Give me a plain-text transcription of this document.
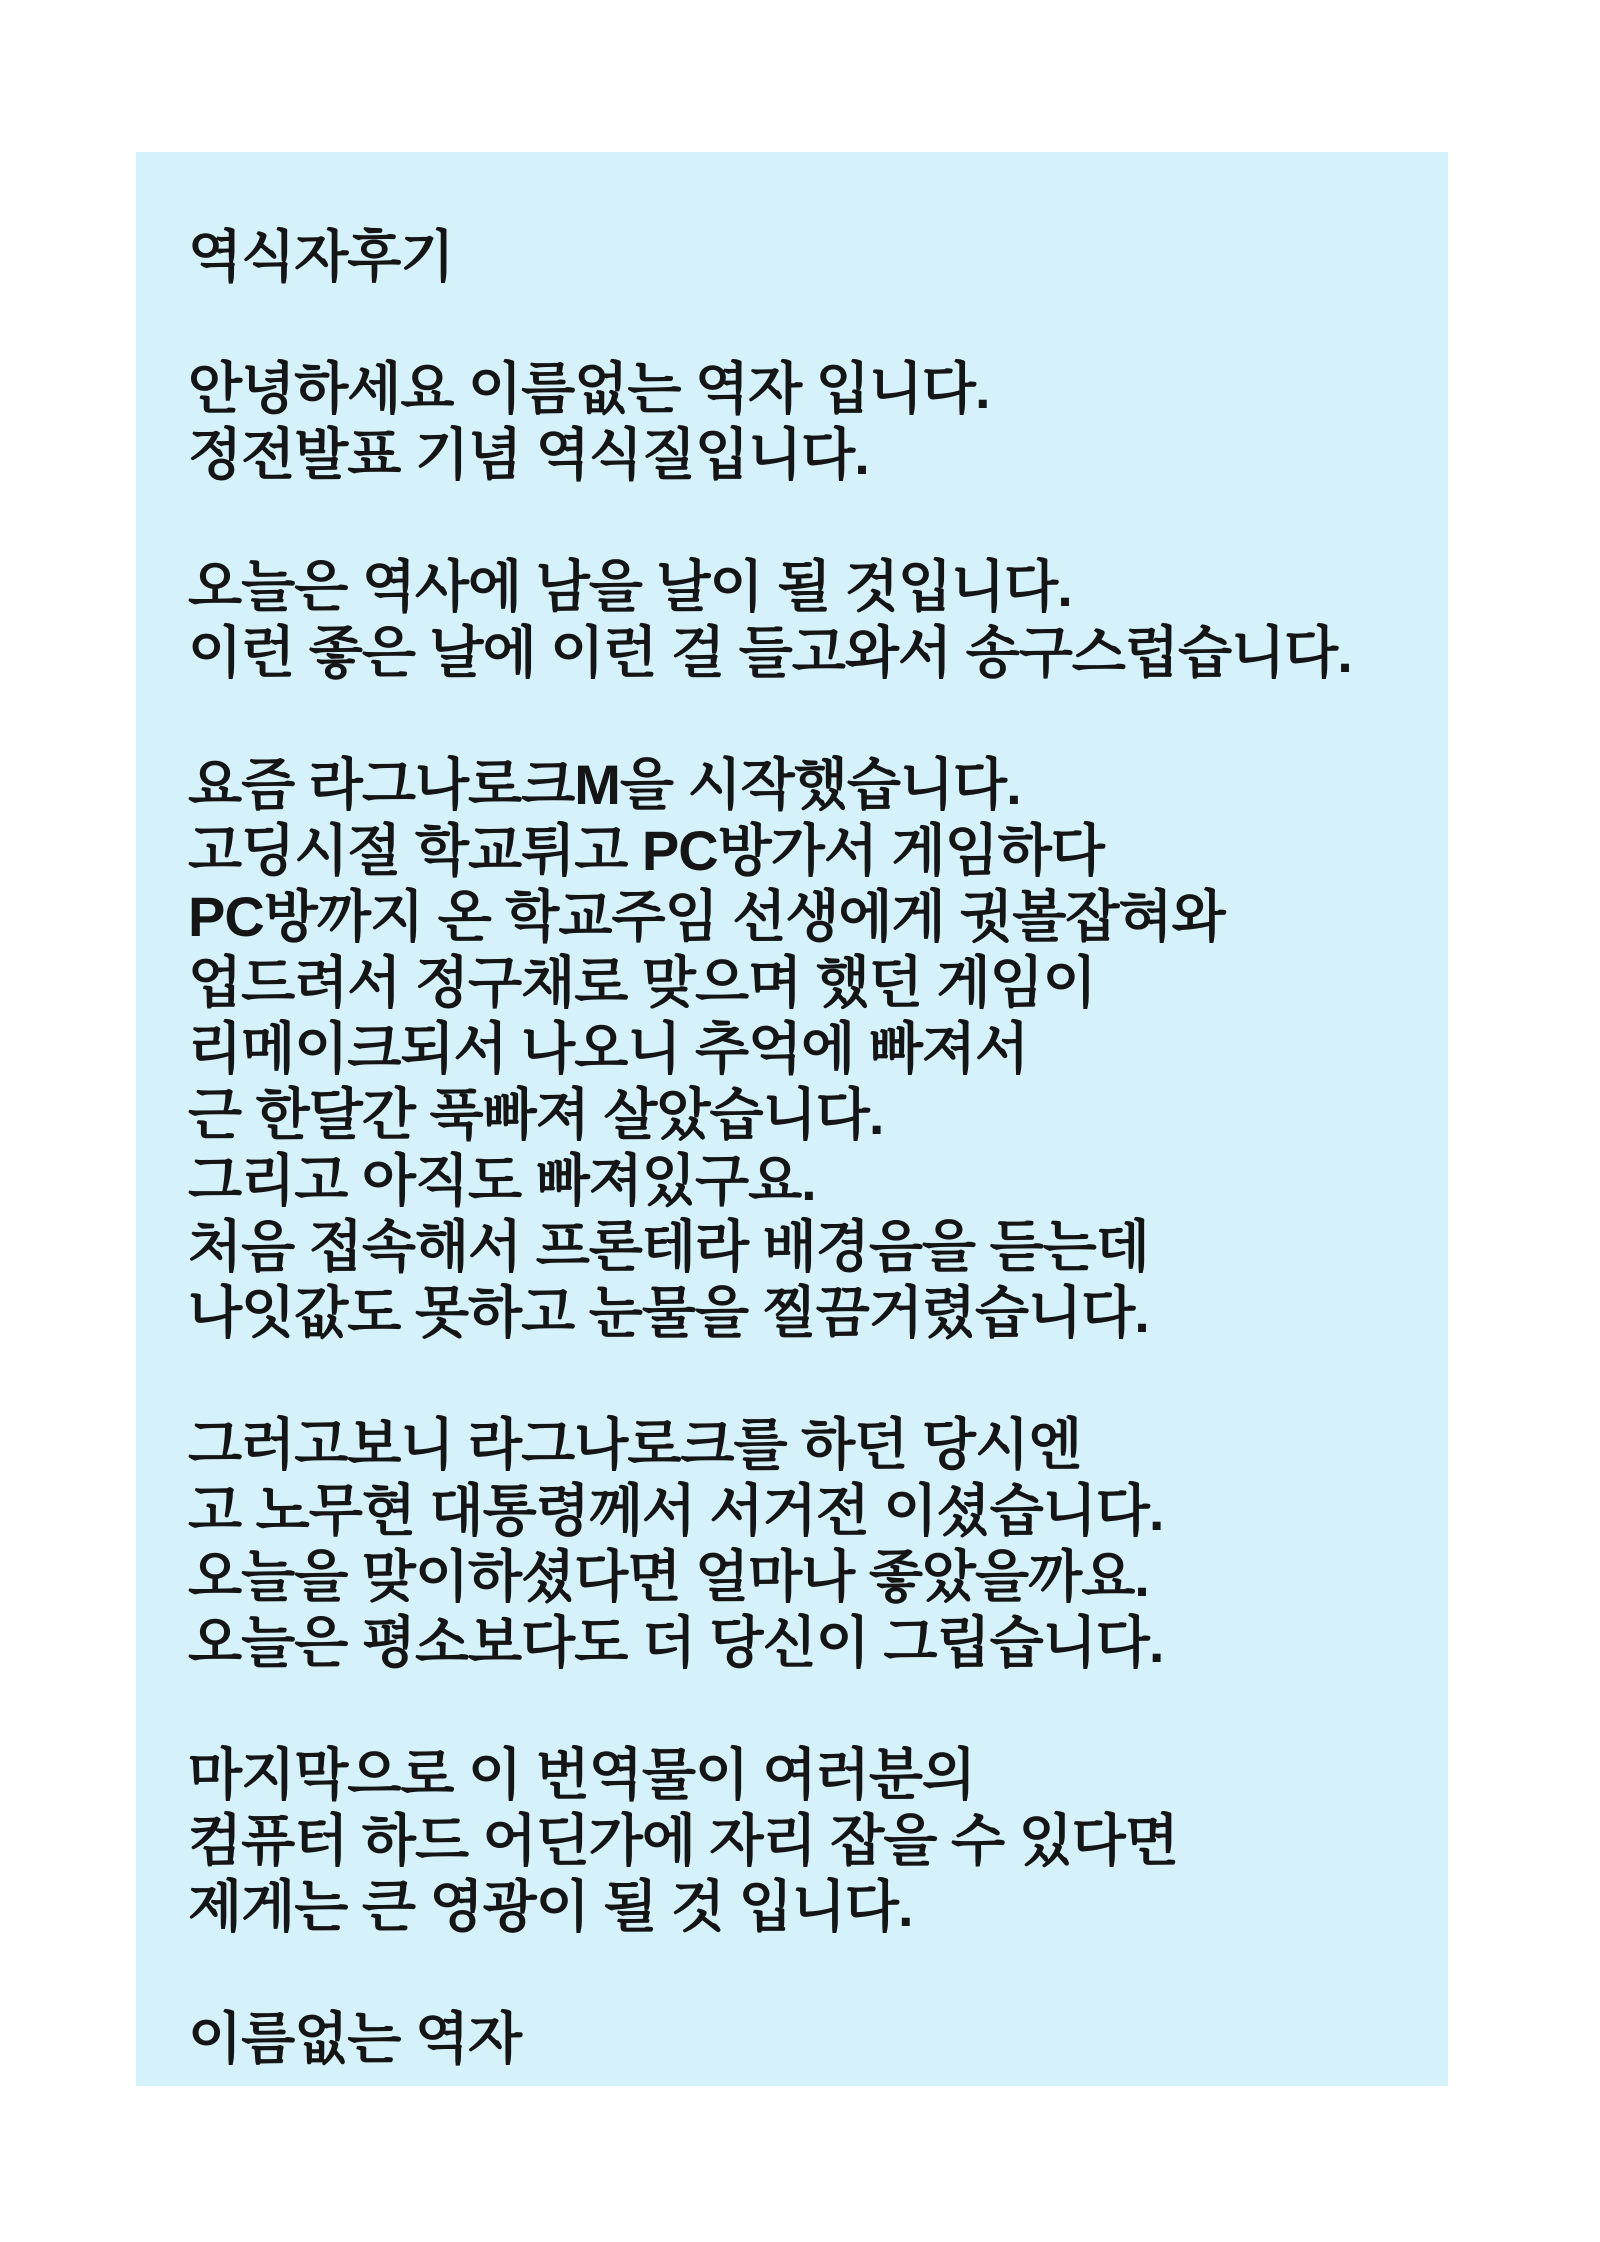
역식자후기

안녕하세요 이름없는 역자 입니다.
정전발표 기념 역식질입니다.

오늘은 역사에 남을 날이 될 것입니다.
이런 좋은 날에 이런 걸 들고와서 송구스럽습니다.

요즘 라그나로크M을 시작했습니다.
고딩시절 학교튀고 PC방가서 게임하다
PC방까지 온 학교주임 선생에게 귓볼잡혀와
업드려서 정구채로 맞으며 했던 게임이
리메이크되서 나오니 추억에 빠져서
근 한달간 푹빠져 살았습니다.
그리고 아직도 빠져있구요.
처음 접속해서 프론테라 배경음을 듣는데
나잇값도 못하고 눈물을 찔끔거렸습니다.

그러고보니 라그나로크를 하던 당시엔
고 노무현 대통령께서 서거전 이셨습니다.
오늘을 맞이하셨다면 얼마나 좋았을까요.
오늘은 평소보다도 더 당신이 그립습니다.

마지막으로 이 번역물이 여러분의
컴퓨터 하드 어딘가에 자리 잡을 수 있다면
제게는 큰 영광이 될 것 입니다.

이름없는 역자
